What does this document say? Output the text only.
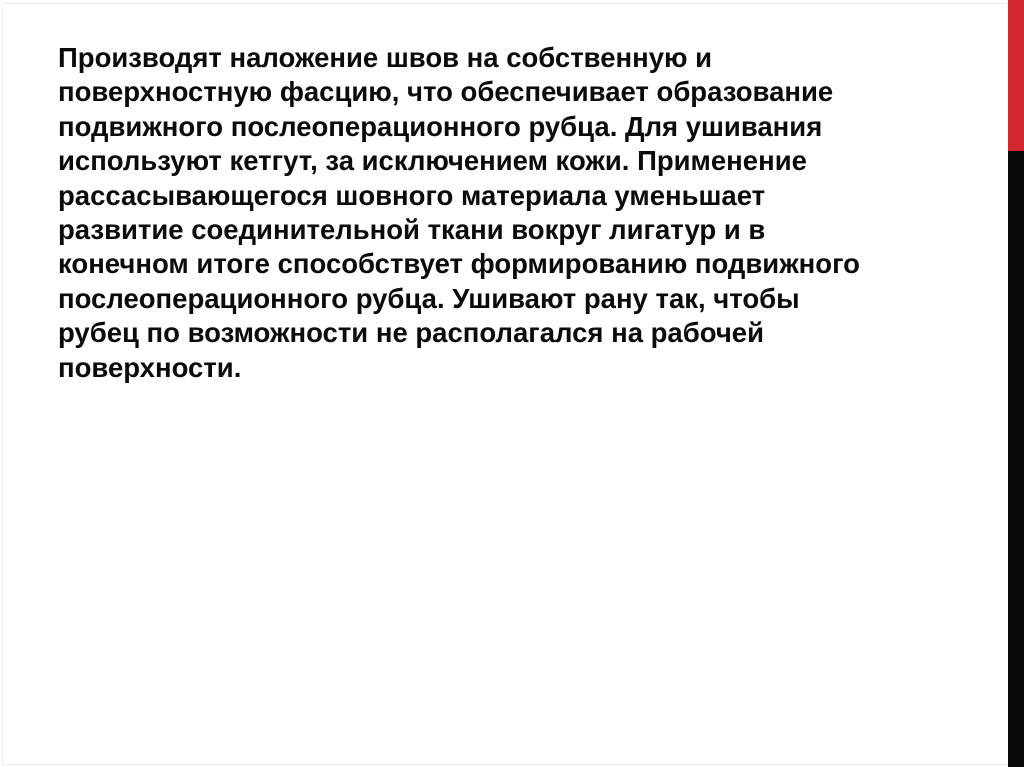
Производят наложение швов на собственную и
поверхностную фасцию, что обеспечивает образование
подвижного послеоперационного рубца. Для ушивания
используют кетгут, за исключением кожи. Применение
рассасывающегося шовного материала уменьшает
развитие соединительной ткани вокруг лигатур и в
конечном итоге способствует формированию подвижного
послеоперационного рубца. Ушивают рану так, чтобы
рубец по возможности не располагался на рабочей
поверхности.
